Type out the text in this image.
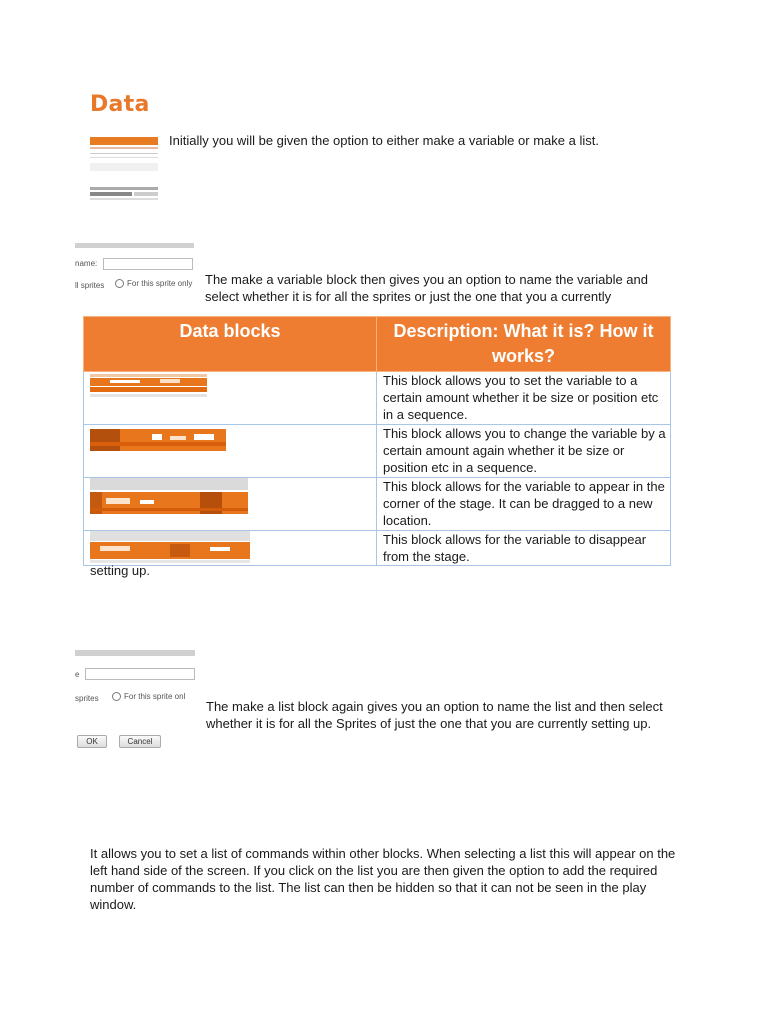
Data
Initially you will be given the option to either make a variable or make a list.
name:
ll sprites	For this sprite only The make a variable block then gives you an option to name the variable and select whether it is for all the sprites or just the one that you a currently
Data blocks	Description: What it is? How it works?

	This block allows you to set the variable to a certain amount whether it be size or position etc in a sequence.

	This block allows you to change the variable by a certain amount again whether it be size or position etc in a sequence.

	This block allows for the variable to appear in the corner of the stage. It can be dragged to a new location.

	This block allows for the variable to disappear from the stage.
setting up.
e
sprites	For this sprite onl
OK	Cancel
The make a list block again gives you an option to name the list and then select whether it is for all the Sprites of just the one that you are currently setting up.
It allows you to set a list of commands within other blocks. When selecting a list this will appear on the left hand side of the screen. If you click on the list you are then given the option to add the required number of commands to the list. The list can then be hidden so that it can not be seen in the play window.
